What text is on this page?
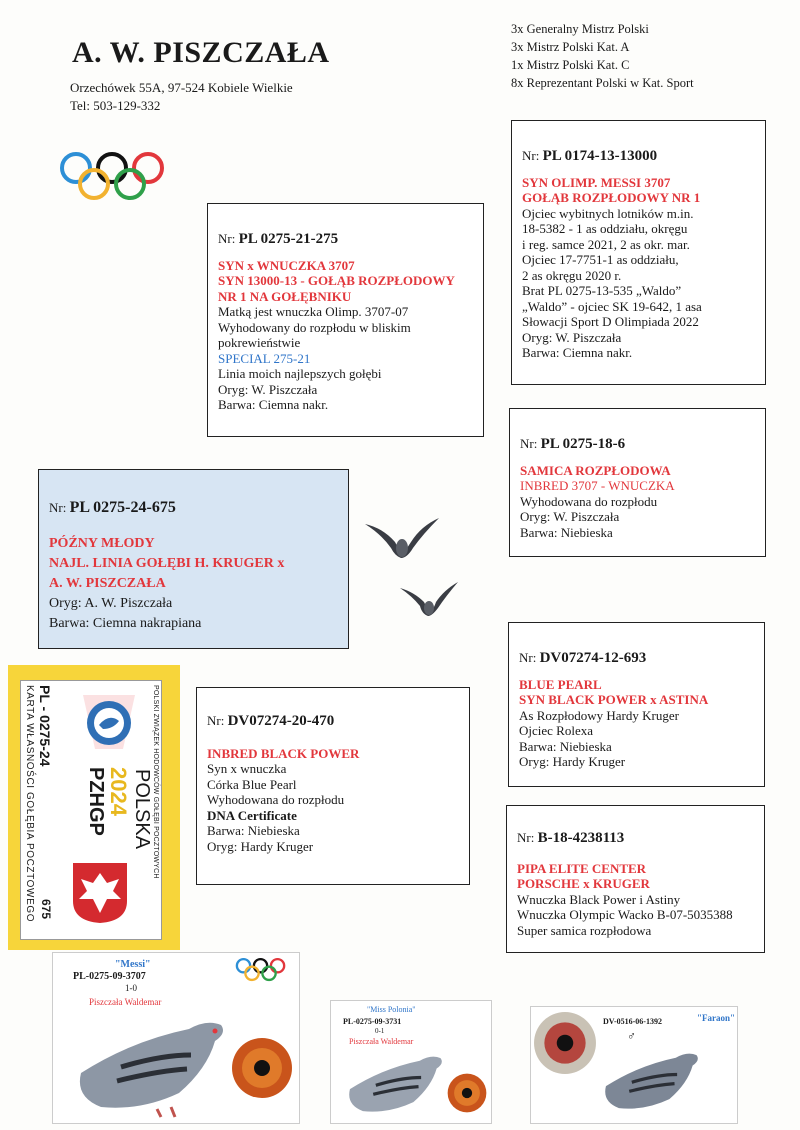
A. W. PISZCZAŁA
Orzechówek 55A, 97-524 Kobiele Wielkie
Tel: 503-129-332
3x Generalny Mistrz Polski
3x Mistrz Polski Kat. A
1x Mistrz Polski Kat. C
8x Reprezentant Polski w Kat. Sport
Nr: PL 0275-21-275
SYN x WNUCZKA 3707
SYN 13000-13 - GOŁĄB ROZPŁODOWY
NR 1 NA GOŁĘBNIKU
Matką jest wnuczka Olimp. 3707-07
Wyhodowany do rozpłodu w bliskim
pokrewieństwie
SPECIAL 275-21
Linia moich najlepszych gołębi
Oryg: W. Piszczała
Barwa: Ciemna nakr.
Nr: PL 0174-13-13000
SYN OLIMP. MESSI 3707
GOŁĄB ROZPŁODOWY NR 1
Ojciec wybitnych lotników m.in.
18-5382 - 1 as oddziału, okręgu
i reg. samce 2021, 2 as okr. mar.
Ojciec 17-7751-1 as oddziału,
2 as okręgu 2020 r.
Brat PL 0275-13-535 „Waldo”
„Waldo” - ojciec SK 19-642, 1 asa
Słowacji Sport D Olimpiada 2022
Oryg: W. Piszczała
Barwa: Ciemna nakr.
Nr: PL 0275-18-6
SAMICA ROZPŁODOWA
INBRED 3707 - WNUCZKA
Wyhodowana do rozpłodu
Oryg: W. Piszczała
Barwa: Niebieska
Nr: PL 0275-24-675
PÓŹNY MŁODY
NAJL. LINIA GOŁĘBI H. KRUGER x
A. W. PISZCZAŁA
Oryg: A. W. Piszczała
Barwa: Ciemna nakrapiana
Nr: DV07274-12-693
BLUE PEARL
SYN BLACK POWER x ASTINA
As Rozpłodowy Hardy Kruger
Ojciec Rolexa
Barwa: Niebieska
Oryg: Hardy Kruger
Nr: DV07274-20-470
INBRED BLACK POWER
Syn x wnuczka
Córka Blue Pearl
Wyhodowana do rozpłodu
DNA Certificate
Barwa: Niebieska
Oryg: Hardy Kruger
Nr: B-18-4238113
PIPA ELITE CENTER
PORSCHE x KRUGER
Wnuczka Black Power i Astiny
Wnuczka Olympic Wacko B-07-5035388
Super samica rozpłodowa
KARTA WŁASNOŚCI GOŁĘBIA POCZTOWEGO PL - 0275-24
675
POLSKI ZWIĄZEK HODOWCÓW GOŁĘBI POCZTOWYCH
POLSKA
2024
PZHGP
"Messi"
PL-0275-09-3707
1-0
Piszczała Waldemar
"Miss Polonia"
PL-0275-09-3731
0-1
Piszczała Waldemar
DV-0516-06-1392
♂
"Faraon"
